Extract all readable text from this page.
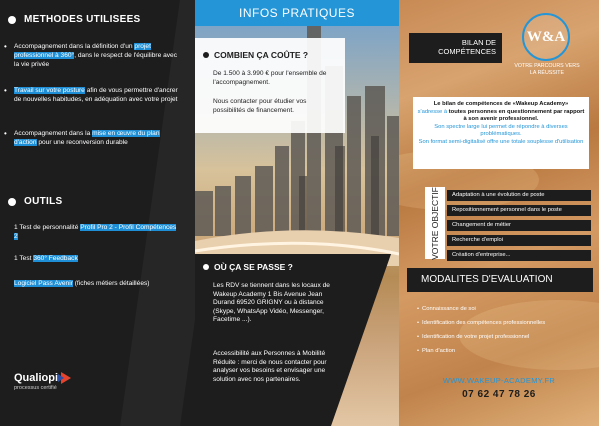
METHODES UTILISEES
• Accompagnement dans la définition d'un projet professionnel à 360°, dans le respect de l'équilibre avec la vie privée
• Travail sur votre posture afin de vous permettre d'ancrer de nouvelles habitudes, en adéquation avec votre projet
• Accompagnement dans la mise en œuvre du plan d'action pour une reconversion durable
OUTILS
1 Test de personnalité Profil Pro 2 - Profil Compétences 2
1 Test 360° Feedback
Logiciel Pass Avenir (fiches métiers détaillées)
Qualiopi
processus certifié
INFOS PRATIQUES
COMBIEN ÇA COÛTE ?
De 1.500 à 3.990 € pour l'ensemble de l'accompagnement.
Nous contacter pour étudier vos possibilités de financement.
OÙ ÇA SE PASSE ?
Les RDV se tiennent dans les locaux de Wakeup Academy 1 Bis Avenue Jean Durand 69520 GRIGNY ou à distance (Skype, WhatsApp Vidéo, Messenger, Facetime ...).
Accessibilité aux Personnes à Mobilité Réduite : merci de nous contacter pour analyser vos besoins et envisager une solution avec nos partenaires.
BILAN DE COMPÉTENCES
W&A
VOTRE PARCOURS VERS LA RÉUSSITE
Le bilan de compétences de «Wakeup Academy»
s'adresse à toutes personnes en questionnement par rapport à son avenir professionnel.
Son spectre large lui permet de répondre à diverses problématiques.
Son format semi-digitalisé offre une totale souplesse d'utilisation
VOTRE OBJECTIF	Adaptation à une évolution de poste
Repositionnement personnel dans le poste
Changement de métier
Recherche d'emploi
Création d'entreprise...
MODALITES D'EVALUATION
• Connaissance de soi
• Identification des compétences professionnelles
• Identification de votre projet professionnel
• Plan d'action
WWW.WAKEUP-ACADEMY.FR
07 62 47 78 26
